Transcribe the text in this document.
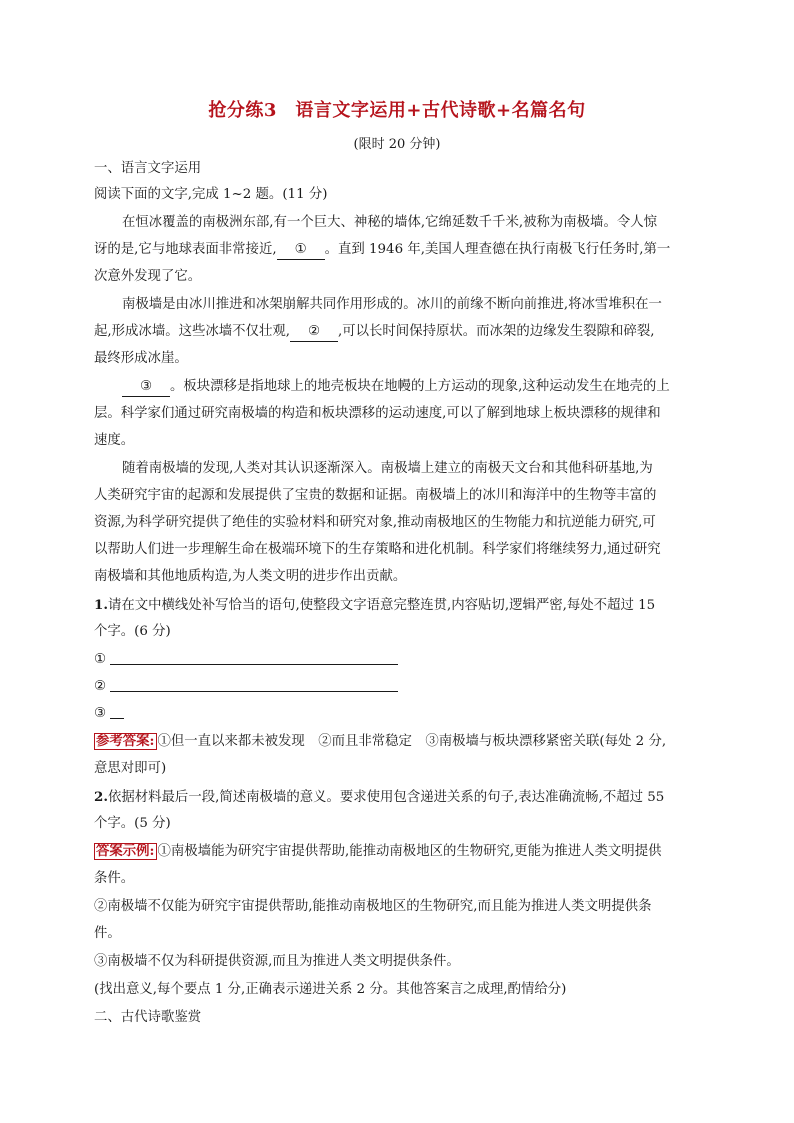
抢分练3　语言文字运用+古代诗歌+名篇名句
(限时 20 分钟)
一、语言文字运用
阅读下面的文字,完成 1~2 题。(11 分)
在恒冰覆盖的南极洲东部,有一个巨大、神秘的墙体,它绵延数千千米,被称为南极墙。令人惊
讶的是,它与地球表面非常接近, ① 。直到 1946 年,美国人理查德在执行南极飞行任务时,第一
次意外发现了它。
南极墙是由冰川推进和冰架崩解共同作用形成的。冰川的前缘不断向前推进,将冰雪堆积在一
起,形成冰墙。这些冰墙不仅壮观, ② ,可以长时间保持原状。而冰架的边缘发生裂隙和碎裂,
最终形成冰崖。
③ 。板块漂移是指地球上的地壳板块在地幔的上方运动的现象,这种运动发生在地壳的上
层。科学家们通过研究南极墙的构造和板块漂移的运动速度,可以了解到地球上板块漂移的规律和
速度。
随着南极墙的发现,人类对其认识逐渐深入。南极墙上建立的南极天文台和其他科研基地,为
人类研究宇宙的起源和发展提供了宝贵的数据和证据。南极墙上的冰川和海洋中的生物等丰富的
资源,为科学研究提供了绝佳的实验材料和研究对象,推动南极地区的生物能力和抗逆能力研究,可
以帮助人们进一步理解生命在极端环境下的生存策略和进化机制。科学家们将继续努力,通过研究
南极墙和其他地质构造,为人类文明的进步作出贡献。
1.请在文中横线处补写恰当的语句,使整段文字语意完整连贯,内容贴切,逻辑严密,每处不超过 15
个字。(6 分)
①
②
③
参考答案: ①但一直以来都未被发现　②而且非常稳定　③南极墙与板块漂移紧密关联(每处 2 分,
意思对即可)
2.依据材料最后一段,简述南极墙的意义。要求使用包含递进关系的句子,表达准确流畅,不超过 55
个字。(5 分)
答案示例: ①南极墙能为研究宇宙提供帮助,能推动南极地区的生物研究,更能为推进人类文明提供
条件。
②南极墙不仅能为研究宇宙提供帮助,能推动南极地区的生物研究,而且能为推进人类文明提供条
件。
③南极墙不仅为科研提供资源,而且为推进人类文明提供条件。
(找出意义,每个要点 1 分,正确表示递进关系 2 分。其他答案言之成理,酌情给分)
二、古代诗歌鉴赏
